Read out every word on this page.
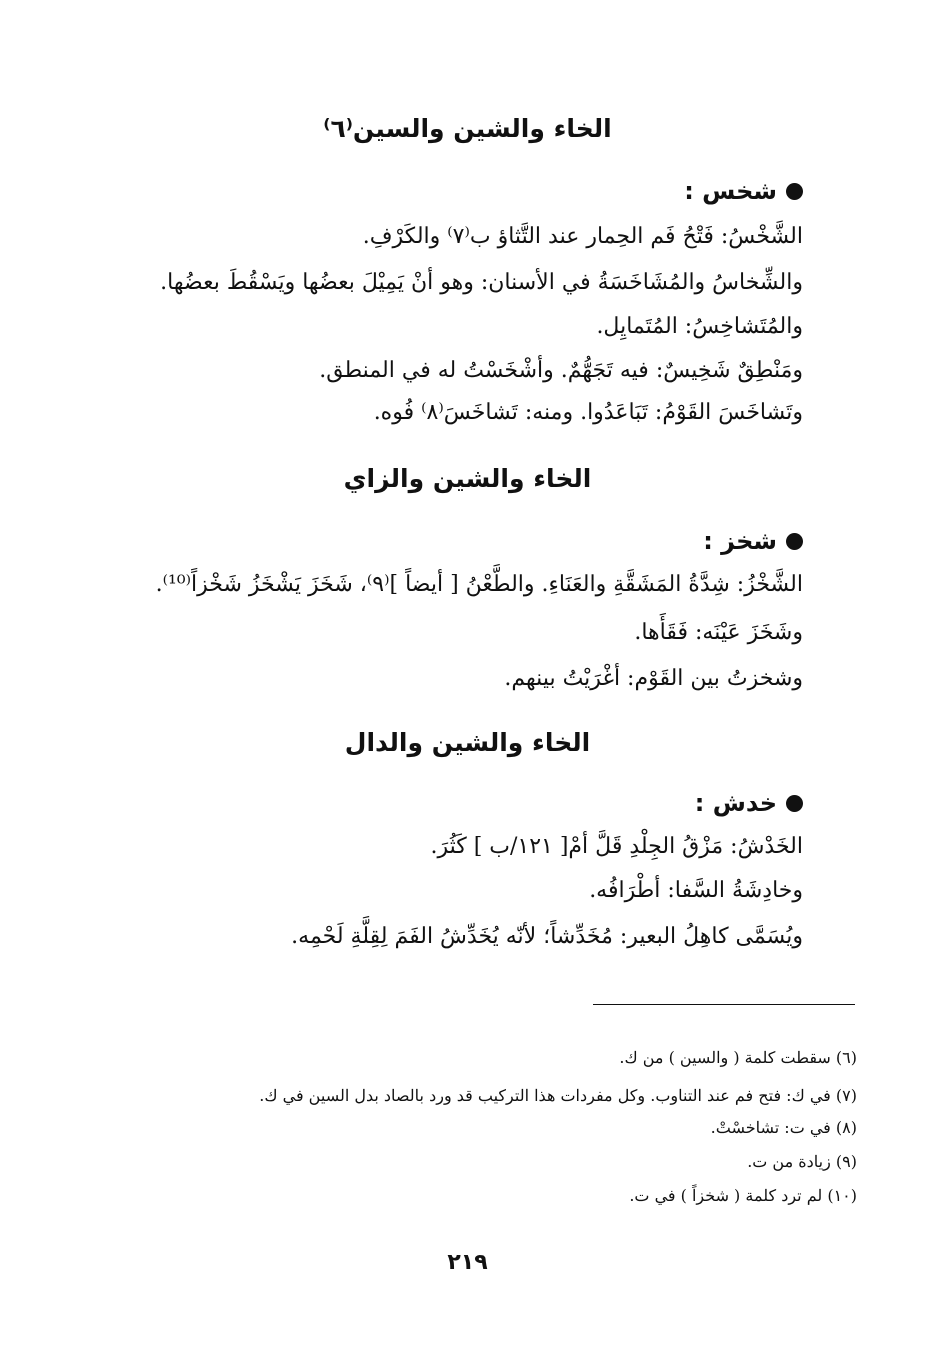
الخاء والشين والسين⁽٦⁾
شخس :
الشَّخْسُ: فَتْحُ فَم الحِمار عند التَّثاؤ ب⁽٧⁾ والكَرْفِ.
والشِّخاسُ والمُشَاخَسَةُ في الأسنان: وهو أنْ يَمِيْلَ بعضُها ويَسْقُطَ بعضُها.
والمُتَشاخِسُ: المُتَمايِل.
ومَنْطِقٌ شَخِيسٌ: فيه تَجَهُّمٌ. وأشْخَسْتُ له في المنطق.
وتَشاخَسَ القَوْمُ: تَبَاعَدُوا. ومنه: تَشاخَسَ⁽٨⁾ فُوه.
الخاء والشين والزاي
شخز :
الشَّخْزُ: شِدَّةُ المَشَقَّةِ والعَنَاءِ. والطَّعْنُ [ أيضاً ]⁽٩⁾، شَخَزَ يَشْخَزُ شَخْزاً⁽¹⁰⁾.
وشَخَزَ عَيْنَه: فَقَأَها.
وشخزتُ بين القَوْم: أغْرَيْتُ بينهم.
الخاء والشين والدال
خدش :
الخَدْشُ: مَزْقُ الجِلْدِ قَلَّ أمْ[ ١٢١/ب ] كَثُرَ.
وخادِشَةُ السَّفا: أطْرَافُه.
ويُسَمَّى كاهِلُ البعير: مُخَدِّشاً؛ لأنّه يُخَدِّشُ الفَمَ لِقِلَّةِ لَحْمِه.
(٦) سقطت كلمة ( والسين ) من ك.
(٧) في ك: فتح فم عند التناوب. وكل مفردات هذا التركيب قد ورد بالصاد بدل السين في ك.
(٨) في ت: تشاخسْتْ.
(٩) زيادة من ت.
(١٠) لم ترد كلمة ( شخزاً ) في ت.
٢١٩
